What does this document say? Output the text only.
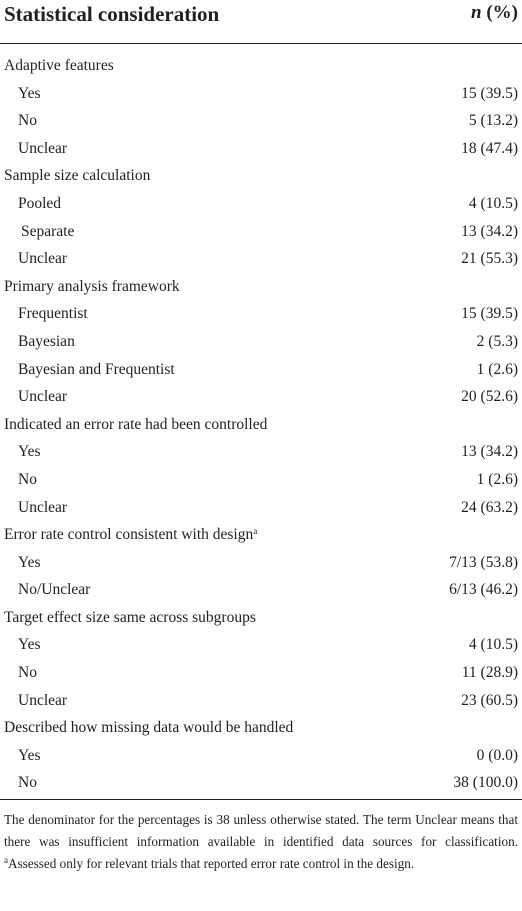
Statistical consideration	n (%)
Adaptive features
Yes	15 (39.5)
No	5 (13.2)
Unclear	18 (47.4)
Sample size calculation
Pooled	4 (10.5)
Separate	13 (34.2)
Unclear	21 (55.3)
Primary analysis framework
Frequentist	15 (39.5)
Bayesian	2 (5.3)
Bayesian and Frequentist	1 (2.6)
Unclear	20 (52.6)
Indicated an error rate had been controlled
Yes	13 (34.2)
No	1 (2.6)
Unclear	24 (63.2)
Error rate control consistent with design$^a$
Yes	7/13 (53.8)
No/Unclear	6/13 (46.2)
Target effect size same across subgroups
Yes	4 (10.5)
No	11 (28.9)
Unclear	23 (60.5)
Described how missing data would be handled
Yes	0 (0.0)
No	38 (100.0)
The denominator for the percentages is 38 unless otherwise stated. The term Unclear means that there was insufficient information available in identified data sources for classification. $^a$Assessed only for relevant trials that reported error rate control in the design.
